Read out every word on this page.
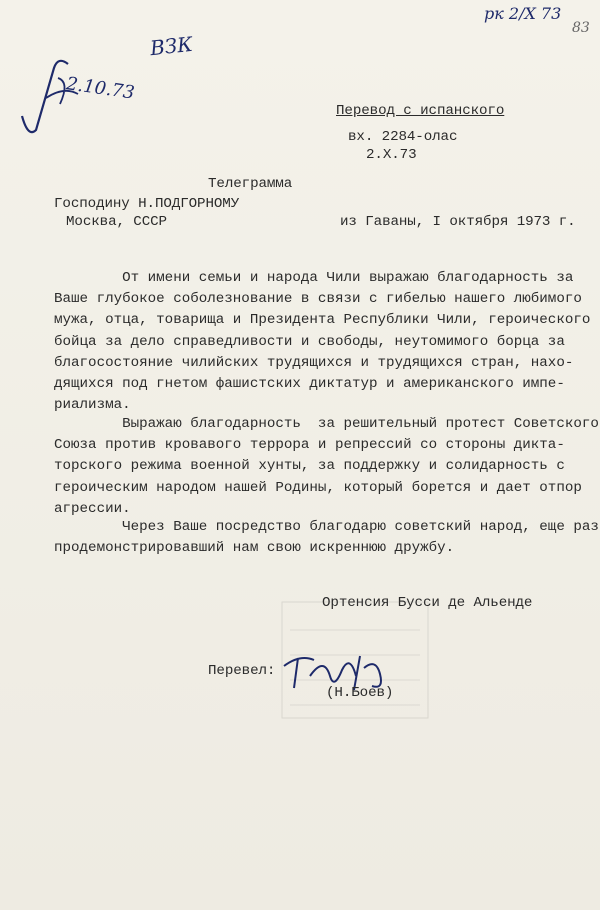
рк 2/Х 73
83
2.10.73
ВЗК
Перевод с испанского
вх. 2284-олас
2.Х.73
Телеграмма
Господину Н.ПОДГОРНОМУ
Москва, СССР	из Гаваны, I октября 1973 г.
От имени семьи и народа Чили выражаю благодарность за
Ваше глубокое соболезнование в связи с гибелью нашего любимого
мужа, отца, товарища и Президента Республики Чили, героического
бойца за дело справедливости и свободы, неутомимого борца за
благосостояние чилийских трудящихся и трудящихся стран, нахо-
дящихся под гнетом фашистских диктатур и американского импе-
риализма.
Выражаю благодарность  за решительный протест Советского
Союза против кровавого террора и репрессий со стороны дикта-
торского режима военной хунты, за поддержку и солидарность с
героическим народом нашей Родины, который борется и дает отпор
агрессии.
Через Ваше посредство благодарю советский народ, еще раз
продемонстрировавший нам свою искреннюю дружбу.
Ортенсия Бусси де Альенде
Перевел:
(Н.Боев)
